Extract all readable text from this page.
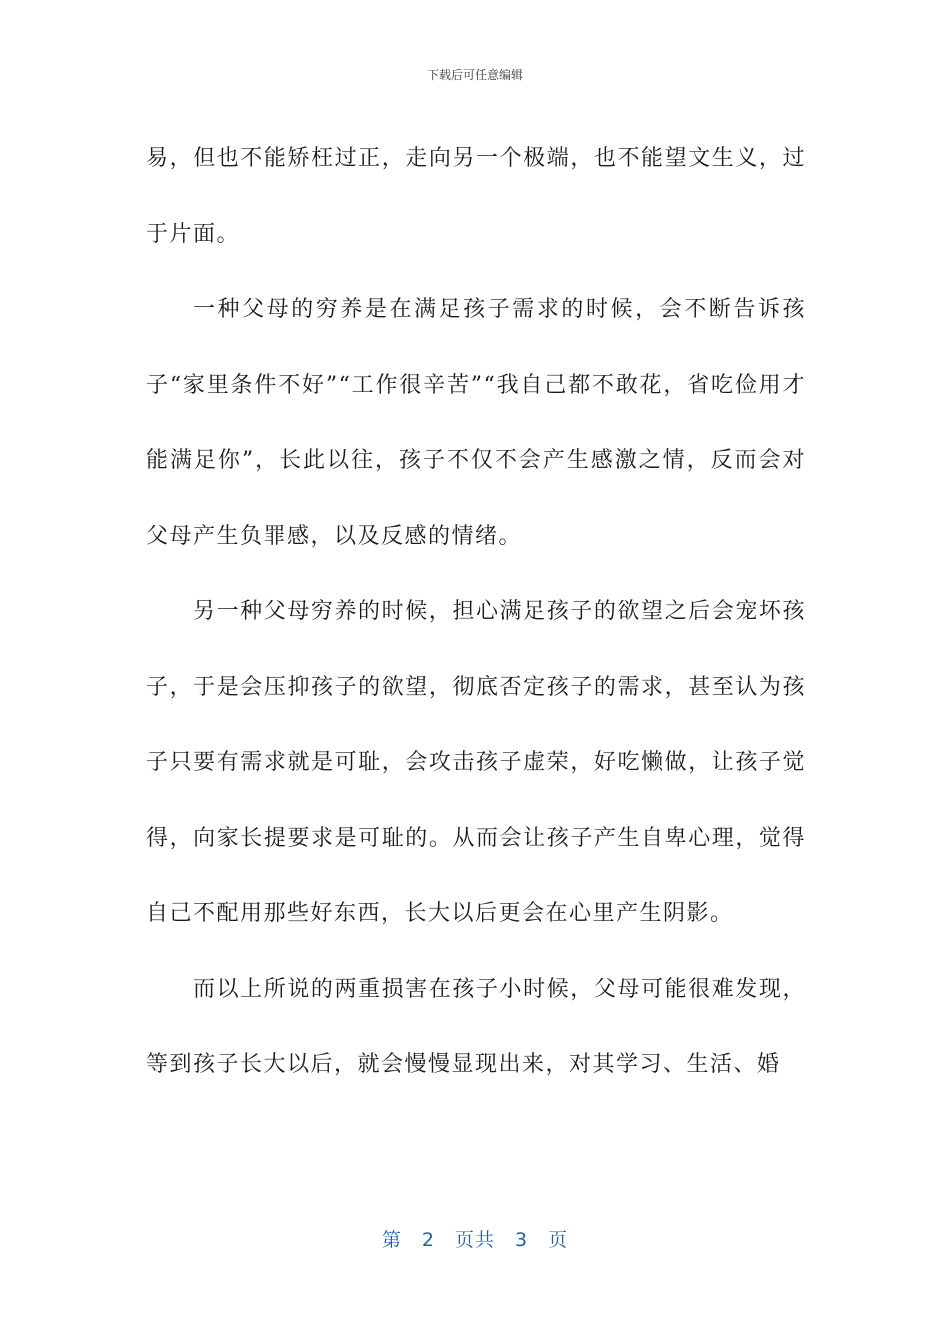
下载后可任意编辑

易，但也不能矫枉过正，走向另一个极端，也不能望文生义，过于片面。

一种父母的穷养是在满足孩子需求的时候，会不断告诉孩子“家里条件不好”“工作很辛苦”“我自己都不敢花，省吃俭用才能满足你”，长此以往，孩子不仅不会产生感激之情，反而会对父母产生负罪感，以及反感的情绪。

另一种父母穷养的时候，担心满足孩子的欲望之后会宠坏孩子，于是会压抑孩子的欲望，彻底否定孩子的需求，甚至认为孩子只要有需求就是可耻，会攻击孩子虚荣，好吃懒做，让孩子觉得，向家长提要求是可耻的。从而会让孩子产生自卑心理，觉得自己不配用那些好东西，长大以后更会在心里产生阴影。

而以上所说的两重损害在孩子小时候，父母可能很难发现，等到孩子长大以后，就会慢慢显现出来，对其学习、生活、婚

第 2 页共 3 页
